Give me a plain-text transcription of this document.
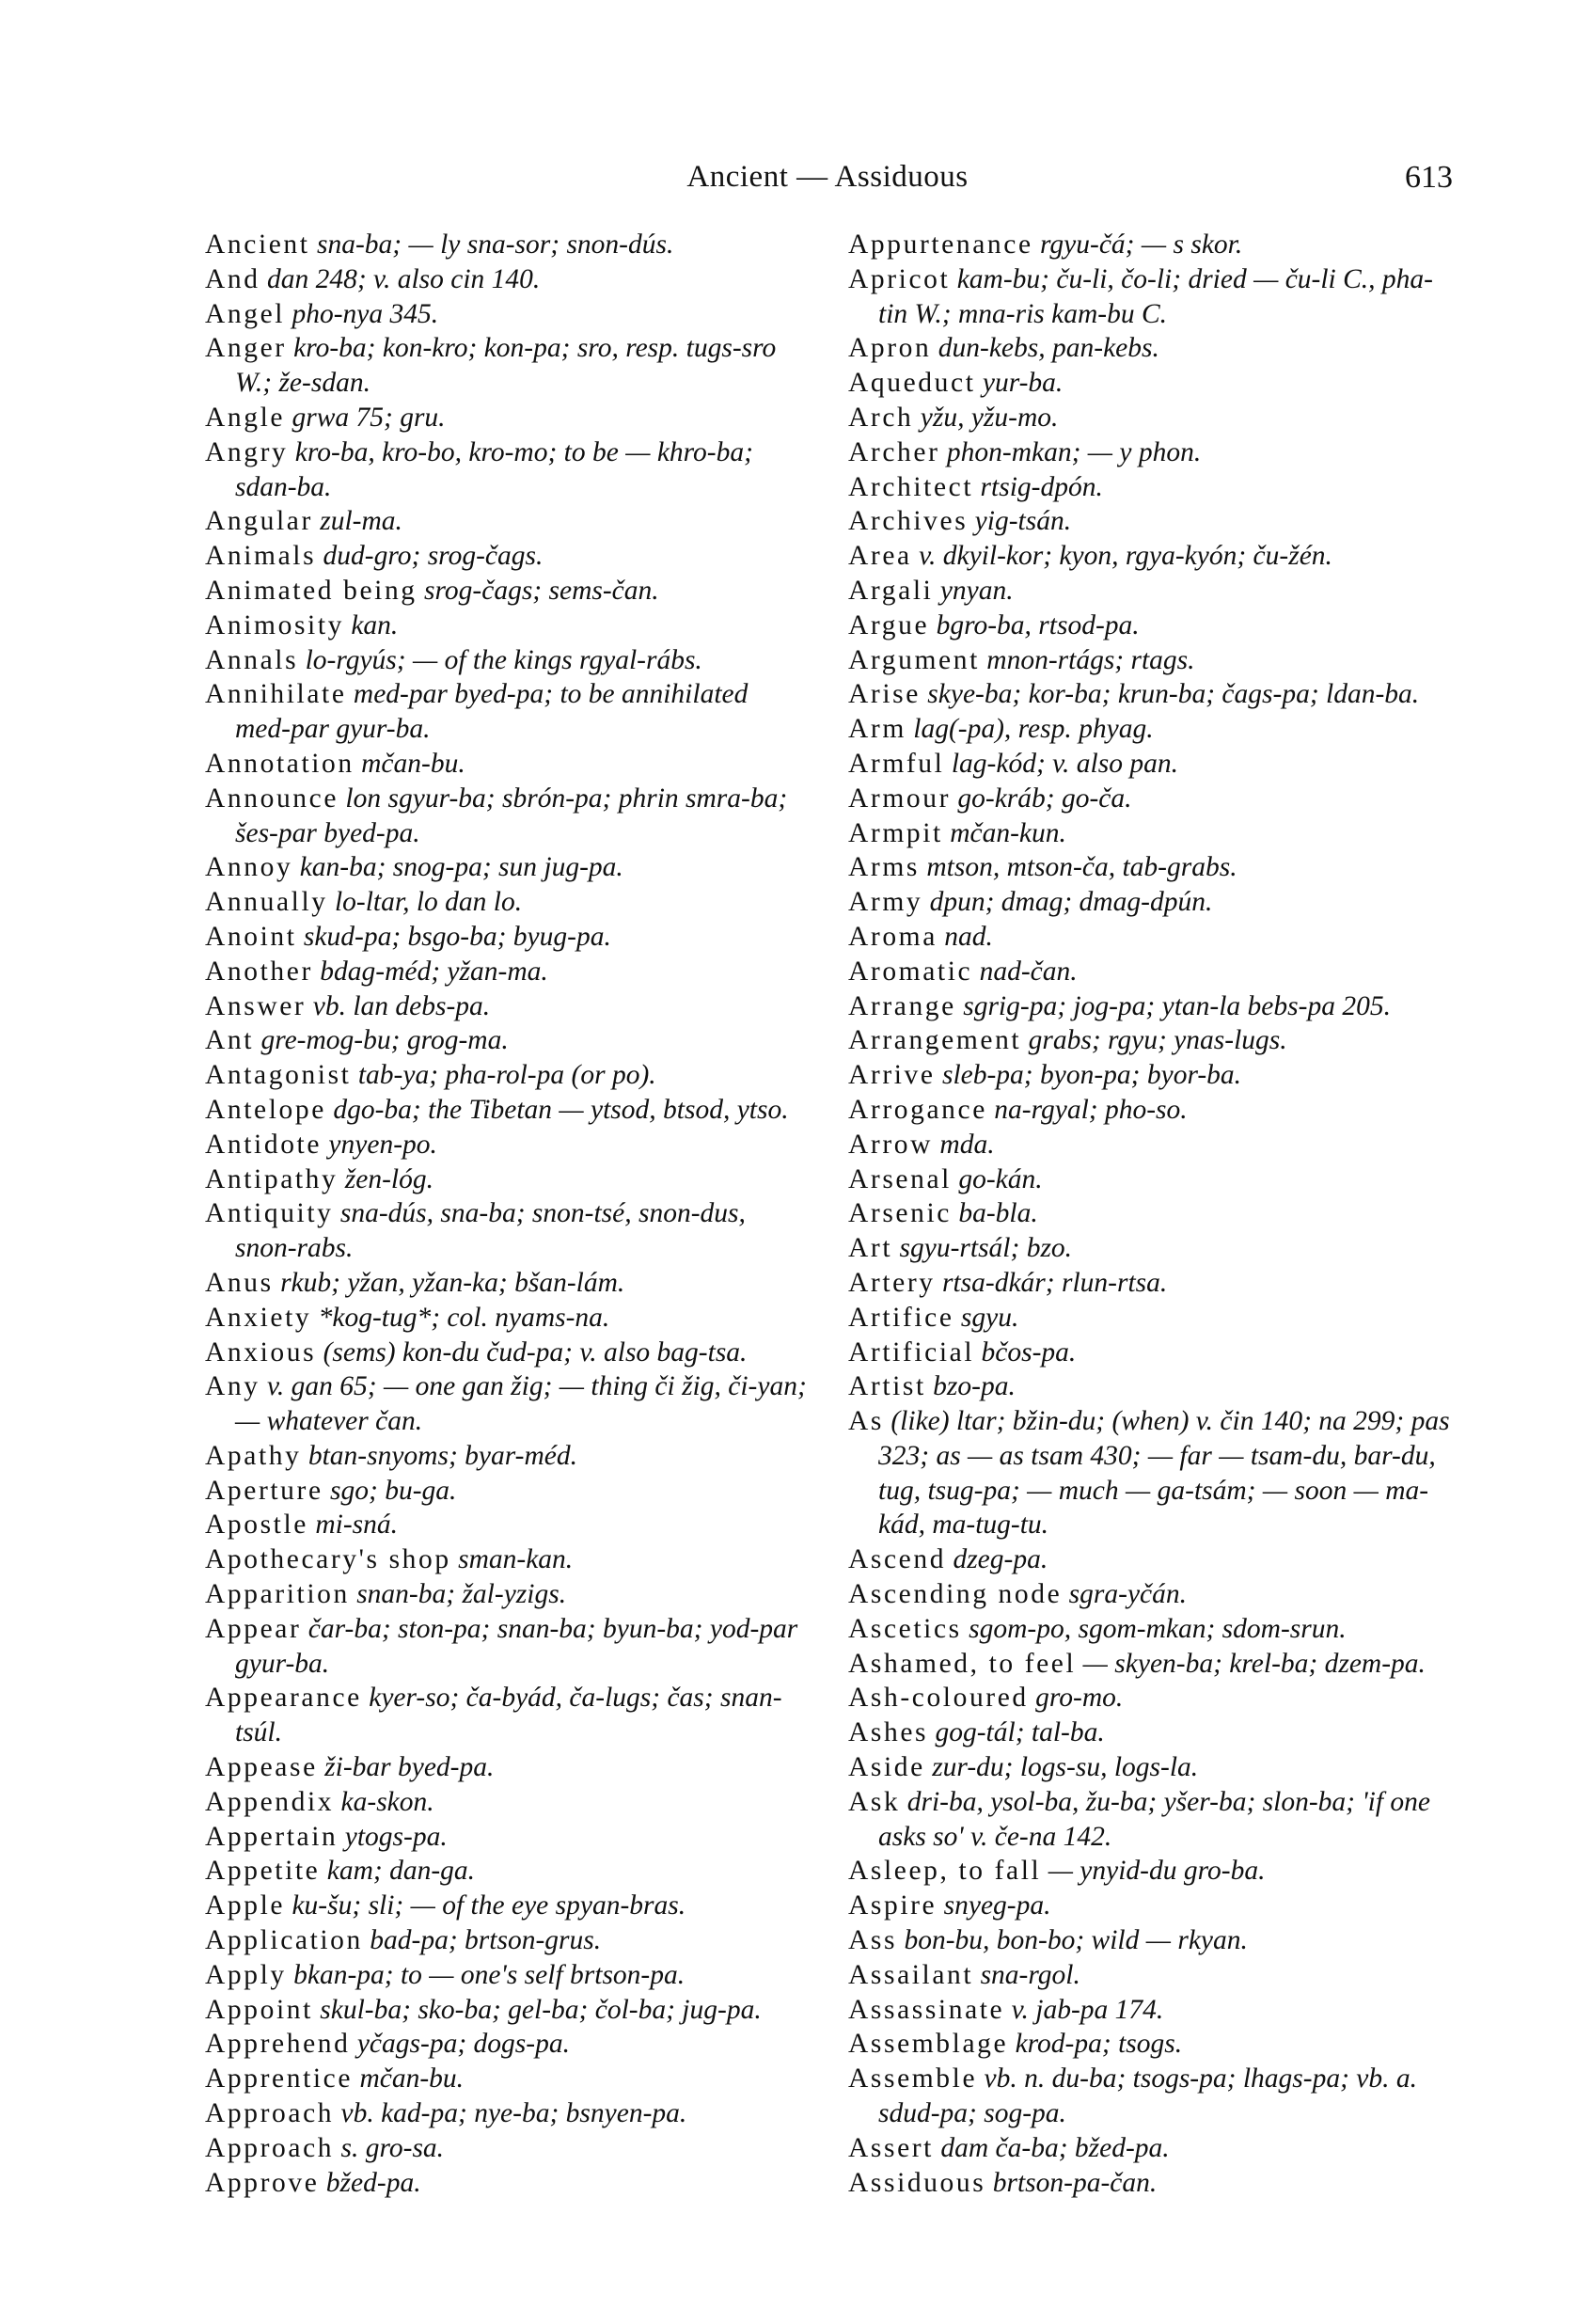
Ancient — Assiduous	613

Ancient sna-ba; — ly sna-sor; snon-dús.

And dan 248; v. also cin 140.

Angel pho-nya 345.

Anger kro-ba; kon-kro; kon-pa; sro, resp. tugs-sro W.; že-sdan.

Angle grwa 75; gru.

Angry kro-ba, kro-bo, kro-mo; to be — khro-ba; sdan-ba.

Angular zul-ma.

Animals dud-gro; srog-čags.

Animated being srog-čags; sems-čan.

Animosity kan.

Annals lo-rgyús; — of the kings rgyal-rábs.

Annihilate med-par byed-pa; to be annihilated med-par gyur-ba.

Annotation mčan-bu.

Announce lon sgyur-ba; sbrón-pa; phrin smra-ba; šes-par byed-pa.

Annoy kan-ba; snog-pa; sun jug-pa.

Annually lo-ltar, lo dan lo.

Anoint skud-pa; bsgo-ba; byug-pa.

Another bdag-méd; yžan-ma.

Answer vb. lan debs-pa.

Ant gre-mog-bu; grog-ma.

Antagonist tab-ya; pha-rol-pa (or po).

Antelope dgo-ba; the Tibetan — ytsod, btsod, ytso.

Antidote ynyen-po.

Antipathy žen-lóg.

Antiquity sna-dús, sna-ba; snon-tsé, snon-dus, snon-rabs.

Anus rkub; yžan, yžan-ka; bšan-lám.

Anxiety *kog-tug*; col. nyams-na.

Anxious (sems) kon-du čud-pa; v. also bag-tsa.

Any v. gan 65; — one gan žig; — thing či žig, či-yan; — whatever čan.

Apathy btan-snyoms; byar-méd.

Aperture sgo; bu-ga.

Apostle mi-sná.

Apothecary's shop sman-kan.

Apparition snan-ba; žal-yzigs.

Appear čar-ba; ston-pa; snan-ba; byun-ba; yod-par gyur-ba.

Appearance kyer-so; ča-byád, ča-lugs; čas; snan-tsúl.

Appease ži-bar byed-pa.

Appendix ka-skon.

Appertain ytogs-pa.

Appetite kam; dan-ga.

Apple ku-šu; sli; — of the eye spyan-bras.

Application bad-pa; brtson-grus.

Apply bkan-pa; to — one's self brtson-pa.

Appoint skul-ba; sko-ba; gel-ba; čol-ba; jug-pa.

Apprehend yčags-pa; dogs-pa.

Apprentice mčan-bu.

Approach vb. kad-pa; nye-ba; bsnyen-pa.

Approach s. gro-sa.

Approve bžed-pa.

Appurtenance rgyu-čá; — s skor.

Apricot kam-bu; ču-li, čo-li; dried — ču-li C., pha-tin W.; mna-ris kam-bu C.

Apron dun-kebs, pan-kebs.

Aqueduct yur-ba.

Arch yžu, yžu-mo.

Archer phon-mkan; — y phon.

Architect rtsig-dpón.

Archives yig-tsán.

Area v. dkyil-kor; kyon, rgya-kyón; ču-žén.

Argali ynyan.

Argue bgro-ba, rtsod-pa.

Argument mnon-rtágs; rtags.

Arise skye-ba; kor-ba; krun-ba; čags-pa; ldan-ba.

Arm lag(-pa), resp. phyag.

Armful lag-kód; v. also pan.

Armour go-kráb; go-ča.

Armpit mčan-kun.

Arms mtson, mtson-ča, tab-grabs.

Army dpun; dmag; dmag-dpún.

Aroma nad.

Aromatic nad-čan.

Arrange sgrig-pa; jog-pa; ytan-la bebs-pa 205.

Arrangement grabs; rgyu; ynas-lugs.

Arrive sleb-pa; byon-pa; byor-ba.

Arrogance na-rgyal; pho-so.

Arrow mda.

Arsenal go-kán.

Arsenic ba-bla.

Art sgyu-rtsál; bzo.

Artery rtsa-dkár; rlun-rtsa.

Artifice sgyu.

Artificial bčos-pa.

Artist bzo-pa.

As (like) ltar; bžin-du; (when) v. čin 140; na 299; pas 323; as — as tsam 430; — far — tsam-du, bar-du, tug, tsug-pa; — much — ga-tsám; — soon — ma-kád, ma-tug-tu.

Ascend dzeg-pa.

Ascending node sgra-yčán.

Ascetics sgom-po, sgom-mkan; sdom-srun.

Ashamed, to feel — skyen-ba; krel-ba; dzem-pa.

Ash-coloured gro-mo.

Ashes gog-tál; tal-ba.

Aside zur-du; logs-su, logs-la.

Ask dri-ba, ysol-ba, žu-ba; yšer-ba; slon-ba; 'if one asks so' v. če-na 142.

Asleep, to fall — ynyid-du gro-ba.

Aspire snyeg-pa.

Ass bon-bu, bon-bo; wild — rkyan.

Assailant sna-rgol.

Assassinate v. jab-pa 174.

Assemblage krod-pa; tsogs.

Assemble vb. n. du-ba; tsogs-pa; lhags-pa; vb. a. sdud-pa; sog-pa.

Assert dam ča-ba; bžed-pa.

Assiduous brtson-pa-čan.
